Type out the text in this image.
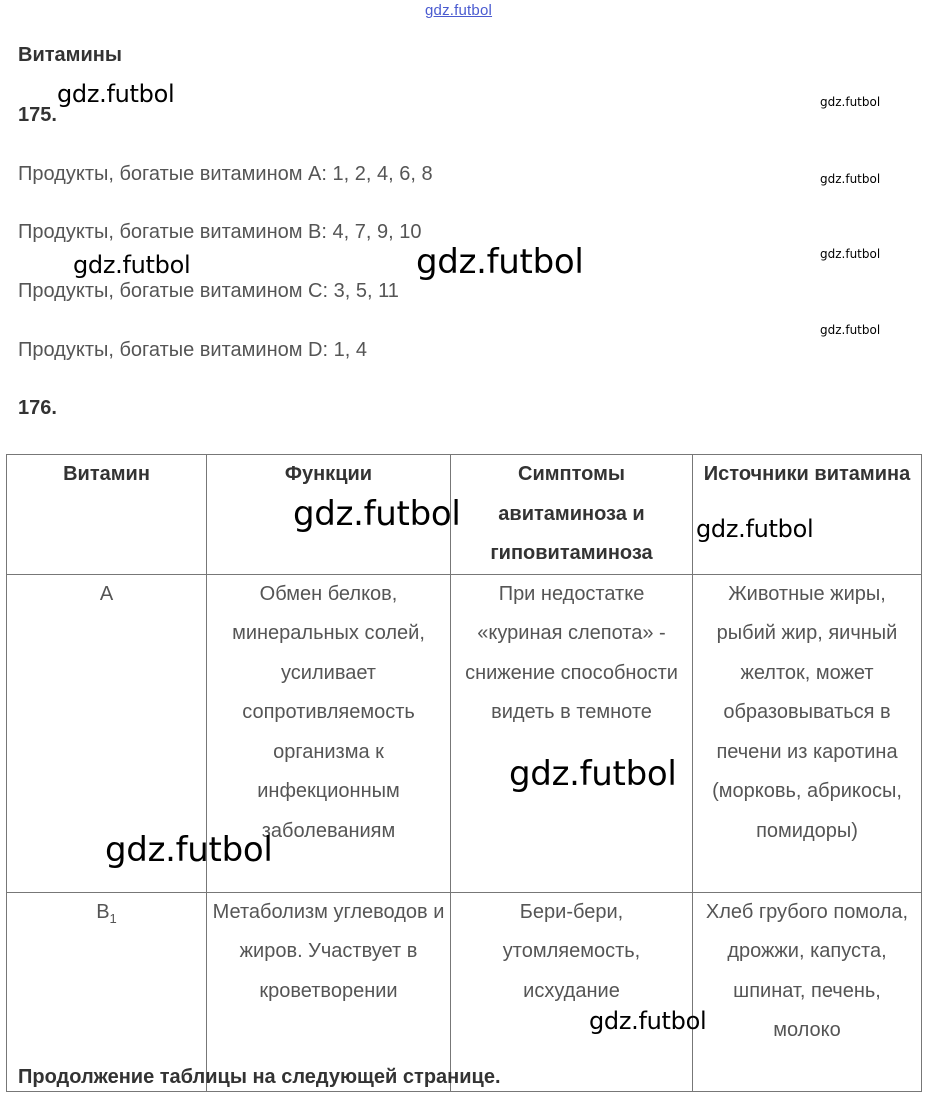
gdz.futbol
Витамины
175.
Продукты, богатые витамином A: 1, 2, 4, 6, 8
Продукты, богатые витамином B: 4, 7, 9, 10
Продукты, богатые витамином C: 3, 5, 11
Продукты, богатые витамином D: 1, 4
176.
Витамин	Функции	Симптомы авитаминоза и гиповитаминоза	Источники витамина
А	Обмен белков, минеральных солей, усиливает сопротивляемость организма к инфекционным заболеваниям	При недостатке «куриная слепота» - снижение способности видеть в темноте	Животные жиры, рыбий жир, яичный желток, может образовываться в печени из каротина (морковь, абрикосы, помидоры)
$B_1$	Метаболизм углеводов и жиров. Участвует в кроветворении	Бери-бери, утомляемость, исхудание	Хлеб грубого помола, дрожжи, капуста, шпинат, печень, молоко
Продолжение таблицы на следующей странице.
gdz.futbol	gdz.futbol
gdz.futbol
gdz.futbol
gdz.futbol
gdz.futbol	gdz.futbol
gdz.futbol	gdz.futbol
gdz.futbol
gdz.futbol
gdz.futbol
